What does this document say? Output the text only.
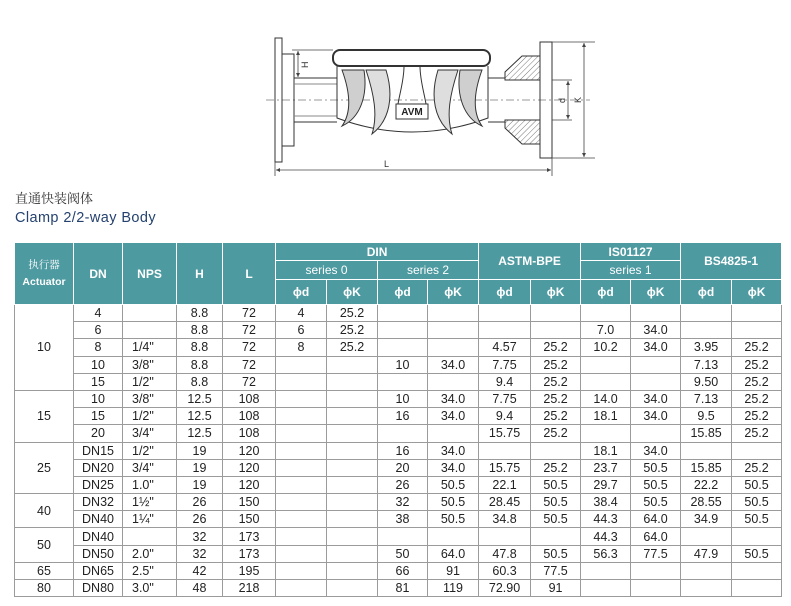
AVM
L
H
d K
直通快装阀体
Clamp 2/2-way Body
执行器
Actuator	DN	NPS	H	L	DIN				ASTM-BPE		IS01127		BS4825-1	
					series 0		series 2				series 1			
					ϕd	ϕK	ϕd	ϕK	ϕd	ϕK	ϕd	ϕK	ϕd	ϕK
10	4		8.8	72	4	25.2								
	6		8.8	72	6	25.2					7.0	34.0		
	8	1/4"	8.8	72	8	25.2			4.57	25.2	10.2	34.0	3.95	25.2
	10	3/8"	8.8	72			10	34.0	7.75	25.2			7.13	25.2
	15	1/2"	8.8	72					9.4	25.2			9.50	25.2
15	10	3/8"	12.5	108			10	34.0	7.75	25.2	14.0	34.0	7.13	25.2
	15	1/2"	12.5	108			16	34.0	9.4	25.2	18.1	34.0	9.5	25.2
	20	3/4"	12.5	108					15.75	25.2			15.85	25.2
25	DN15	1/2"	19	120			16	34.0			18.1	34.0		
	DN20	3/4"	19	120			20	34.0	15.75	25.2	23.7	50.5	15.85	25.2
	DN25	1.0"	19	120			26	50.5	22.1	50.5	29.7	50.5	22.2	50.5
40	DN32	1½"	26	150			32	50.5	28.45	50.5	38.4	50.5	28.55	50.5
	DN40	1¼"	26	150			38	50.5	34.8	50.5	44.3	64.0	34.9	50.5
50	DN40		32	173							44.3	64.0		
	DN50	2.0"	32	173			50	64.0	47.8	50.5	56.3	77.5	47.9	50.5
65	DN65	2.5"	42	195			66	91	60.3	77.5				
80	DN80	3.0"	48	218			81	119	72.90	91				
